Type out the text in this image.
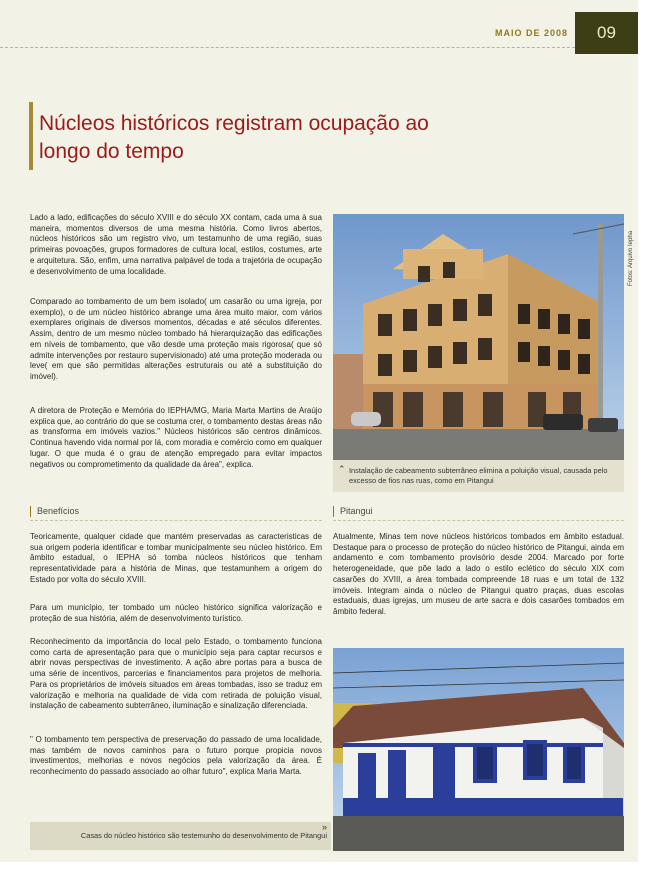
MAIO DE 2008	09
Núcleos históricos registram ocupação ao longo do tempo
Lado a lado, edificações do século XVIII e do século XX contam, cada uma à sua maneira, momentos diversos de uma mesma história. Como livros abertos, núcleos históricos são um registro vivo, um testamunho de uma região, suas primeiras povoações, grupos formadores de cultura local, estilos, costumes, arte e arquitetura. São, enfim, uma narrativa palpável de toda a trajetória de ocupação e desenvolvimento de uma localidade.
Comparado ao tombamento de um bem isolado( um casarão ou uma igreja, por exemplo), o de um núcleo histórico abrange uma área muito maior, com vários exemplares originais de diversos momentos, décadas e até séculos diferentes. Assim, dentro de um mesmo núcleo tombado há hierarquização das edificações em níveis de tombamento, que vão desde uma proteção mais rigorosa( que só admite intervenções por restauro supervisionado) até uma proteção moderada ou leve( em que são permitidas alterações estruturais ou até a substituição do imóvel).
A diretora de Proteção e Memória do IEPHA/MG, Maria Marta Martins de Araújo explica que, ao contrário do que se costuma crer, o tombamento destas áreas não as transforma em imóveis vazios." Núcleos históricos são centros dinâmicos. Continua havendo vida normal por lá, com moradia e comércio como em qualquer lugar. O que muda é o grau de atenção empregado para evitar impactos negativos ou comprometimento da qualidade da área", explica.
Fotos: Arquivo Iepha
⌃ Instalação de cabeamento subterrâneo elimina a poluição visual, causada pelo excesso de fios nas ruas, como em Pitangui
Benefícios
Teoricamente, qualquer cidade que mantém preservadas as caracteristicas de sua origem poderia identificar e tombar municipalmente seu núcleo histórico. Em âmbito estadual, o IEPHA só tomba núcleos históricos que tenham representatividade para a história de Minas, que testamunhem a origem do Estado por volta do século XVIII.
Para um município, ter tombado um núcleo histórico significa valorização e proteção de sua história, além de desenvolvimento turístico.
Reconhecimento da importância do local pelo Estado, o tombamento funciona como carta de apresentação para que o município seja para captar recursos e abrir novas perspectivas de investimento. A ação abre portas para a busca de uma série de incentivos, parcerias e financiamentos para projetos de melhoria. Para os proprietários de imóveis situados em áreas tombadas, isso se traduz em valorização e melhoria na qualidade de vida com retirada de poluição visual, instalação de cabeamento subterrâneo, iluminação e sinalização diferenciada.
" O tombamento tem perspectiva de preservação do passado de uma localidade, mas também de novos caminhos para o futuro porque propicia novos investimentos, melhorias e novos negócios pela valorização da área. É reconhecimento do passado associado ao olhar futuro", explica Maria Marta.
Pitangui
Atualmente, Minas tem nove núcleos históricos tombados em âmbito estadual. Destaque para o processo de proteção do núcleo histórico de Pitangui, ainda em andamento e com tombamento provisório desde 2004. Marcado por forte heterogeneidade, que põe lado a lado o estilo eclético do século XIX com casarões do XVIII, a área tombada compreende 18 ruas e um total de 132 imóveis. Integram ainda o núcleo de Pitangui quatro praças, duas escolas estaduais, duas igrejas, um museu de arte sacra e dois casarões tombados em âmbito federal.
»
Casas do núcleo histórico são testemunho do desenvolvimento de Pitangui
